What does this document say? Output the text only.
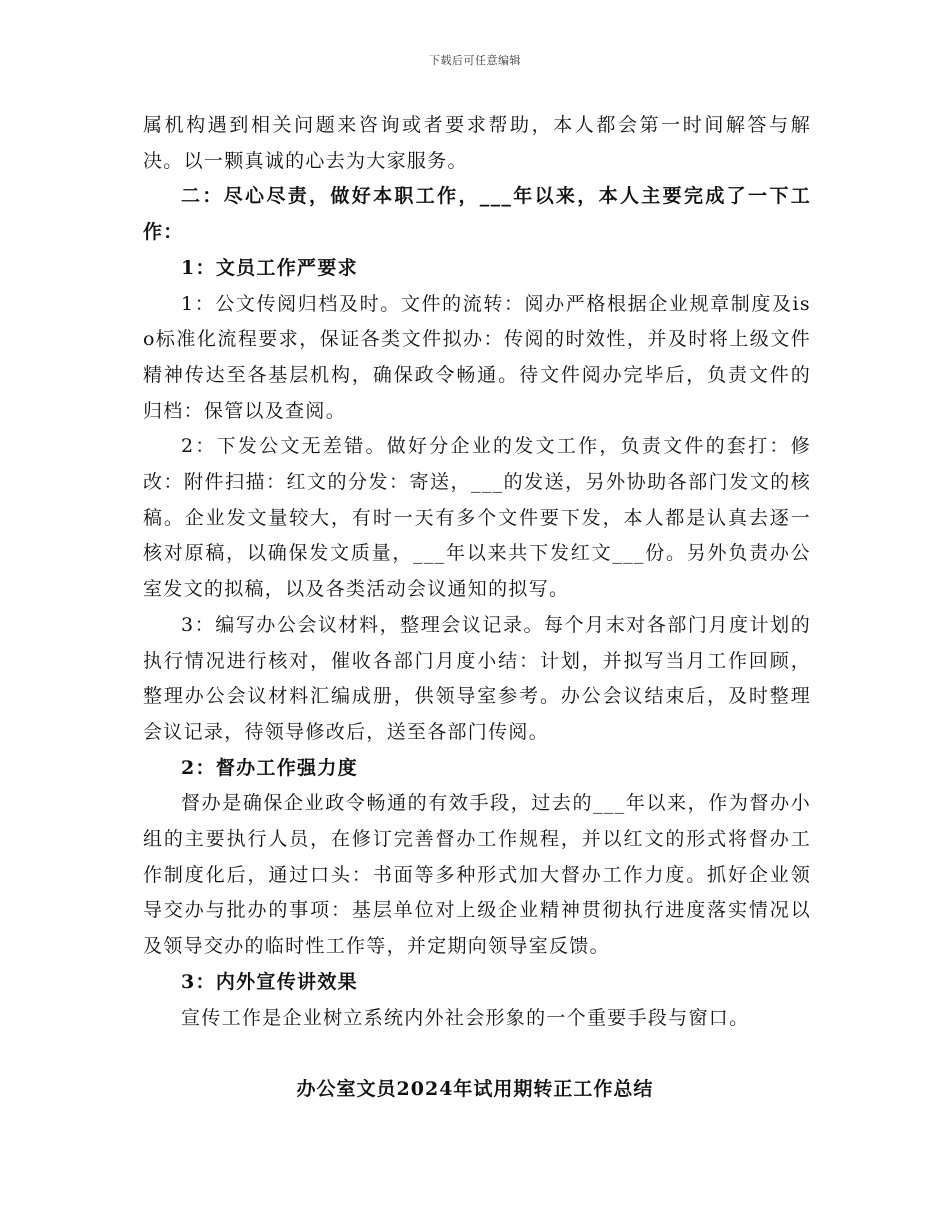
下载后可任意编辑

属机构遇到相关问题来咨询或者要求帮助，本人都会第一时间解答与解决。以一颗真诚的心去为大家服务。

二：尽心尽责，做好本职工作，___年以来，本人主要完成了一下工作：

1：文员工作严要求

1：公文传阅归档及时。文件的流转：阅办严格根据企业规章制度及iso标准化流程要求，保证各类文件拟办：传阅的时效性，并及时将上级文件精神传达至各基层机构，确保政令畅通。待文件阅办完毕后，负责文件的归档：保管以及查阅。

2：下发公文无差错。做好分企业的发文工作，负责文件的套打：修改：附件扫描：红文的分发：寄送，___的发送，另外协助各部门发文的核稿。企业发文量较大，有时一天有多个文件要下发，本人都是认真去逐一核对原稿，以确保发文质量，___年以来共下发红文___份。另外负责办公室发文的拟稿，以及各类活动会议通知的拟写。

3：编写办公会议材料，整理会议记录。每个月末对各部门月度计划的执行情况进行核对，催收各部门月度小结：计划，并拟写当月工作回顾，整理办公会议材料汇编成册，供领导室参考。办公会议结束后，及时整理会议记录，待领导修改后，送至各部门传阅。

2：督办工作强力度

督办是确保企业政令畅通的有效手段，过去的___年以来，作为督办小组的主要执行人员，在修订完善督办工作规程，并以红文的形式将督办工作制度化后，通过口头：书面等多种形式加大督办工作力度。抓好企业领导交办与批办的事项：基层单位对上级企业精神贯彻执行进度落实情况以及领导交办的临时性工作等，并定期向领导室反馈。

3：内外宣传讲效果

宣传工作是企业树立系统内外社会形象的一个重要手段与窗口。

办公室文员2024年试用期转正工作总结
